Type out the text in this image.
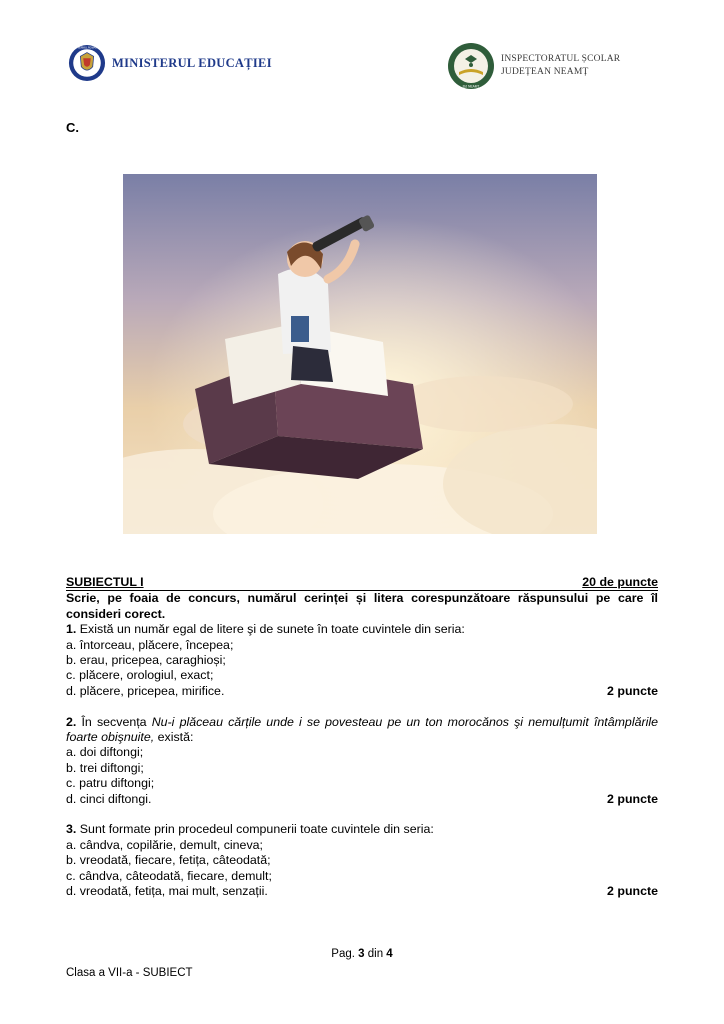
GUVERNUL ROMÂNIEI
MINISTERUL EDUCAȚIEI
ISJ NEAMȚ
INSPECTORATUL ȘCOLAR
JUDEȚEAN NEAMȚ
C.
SUBIECTUL I	20 de puncte
Scrie, pe foaia de concurs, numărul cerinței și litera corespunzătoare răspunsului pe care îl consideri corect.
1. Există un număr egal de litere şi de sunete în toate cuvintele din seria:
a. întorceau, plăcere, începea;
b. erau, pricepea, caraghioși;
c. plăcere, orologiul, exact;
d. plăcere, pricepea, mirifice.	2 puncte
2. În secvența Nu-i plăceau cărțile unde i se povesteau pe un ton morocănos şi nemulțumit întâmplările foarte obişnuite, există:
a. doi diftongi;
b. trei diftongi;
c. patru diftongi;
d. cinci diftongi.	2 puncte
3. Sunt formate prin procedeul compunerii toate cuvintele din seria:
a. cândva, copilărie, demult, cineva;
b. vreodată, fiecare, fetița, câteodată;
c. cândva, câteodată, fiecare, demult;
d. vreodată, fetița, mai mult, senzații.	2 puncte
Pag. 3 din 4
Clasa a VII-a - SUBIECT
